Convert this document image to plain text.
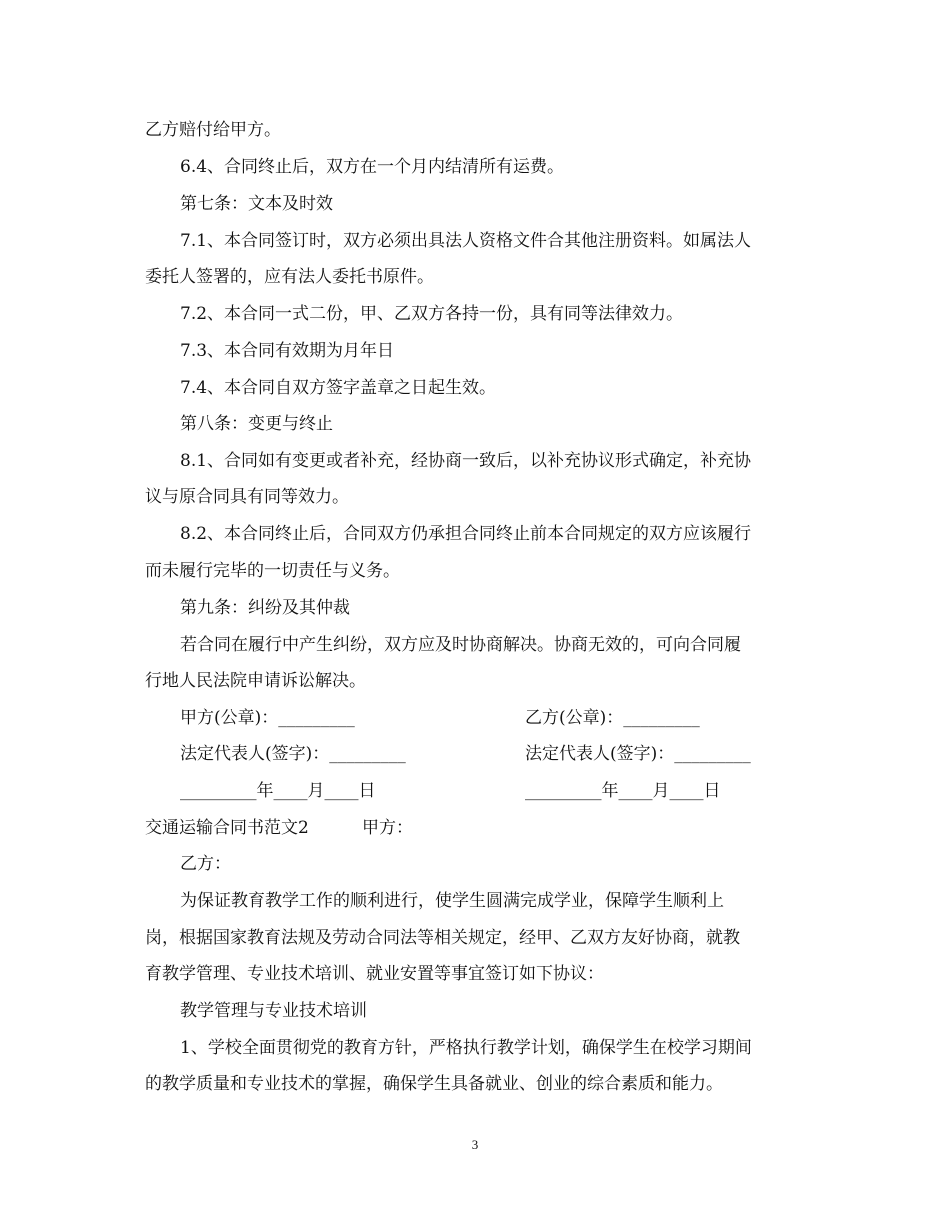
乙方赔付给甲方。
6.4、合同终止后，双方在一个月内结清所有运费。
第七条：文本及时效
7.1、本合同签订时，双方必须出具法人资格文件合其他注册资料。如属法人
委托人签署的，应有法人委托书原件。
7.2、本合同一式二份，甲、乙双方各持一份，具有同等法律效力。
7.3、本合同有效期为月年日
7.4、本合同自双方签字盖章之日起生效。
第八条：变更与终止
8.1、合同如有变更或者补充，经协商一致后，以补充协议形式确定，补充协
议与原合同具有同等效力。
8.2、本合同终止后，合同双方仍承担合同终止前本合同规定的双方应该履行
而未履行完毕的一切责任与义务。
第九条：纠纷及其仲裁
若合同在履行中产生纠纷，双方应及时协商解决。协商无效的，可向合同履
行地人民法院申请诉讼解决。
甲方(公章)：_________	乙方(公章)：_________
法定代表人(签字)：_________	法定代表人(签字)：_________
_________年____月____日	_________年____月____日
交通运输合同书范文2	甲方：
乙方：
为保证教育教学工作的顺利进行，使学生圆满完成学业，保障学生顺利上
岗，根据国家教育法规及劳动合同法等相关规定，经甲、乙双方友好协商，就教
育教学管理、专业技术培训、就业安置等事宜签订如下协议：
教学管理与专业技术培训
1、学校全面贯彻党的教育方针，严格执行教学计划，确保学生在校学习期间
的教学质量和专业技术的掌握，确保学生具备就业、创业的综合素质和能力。
3
